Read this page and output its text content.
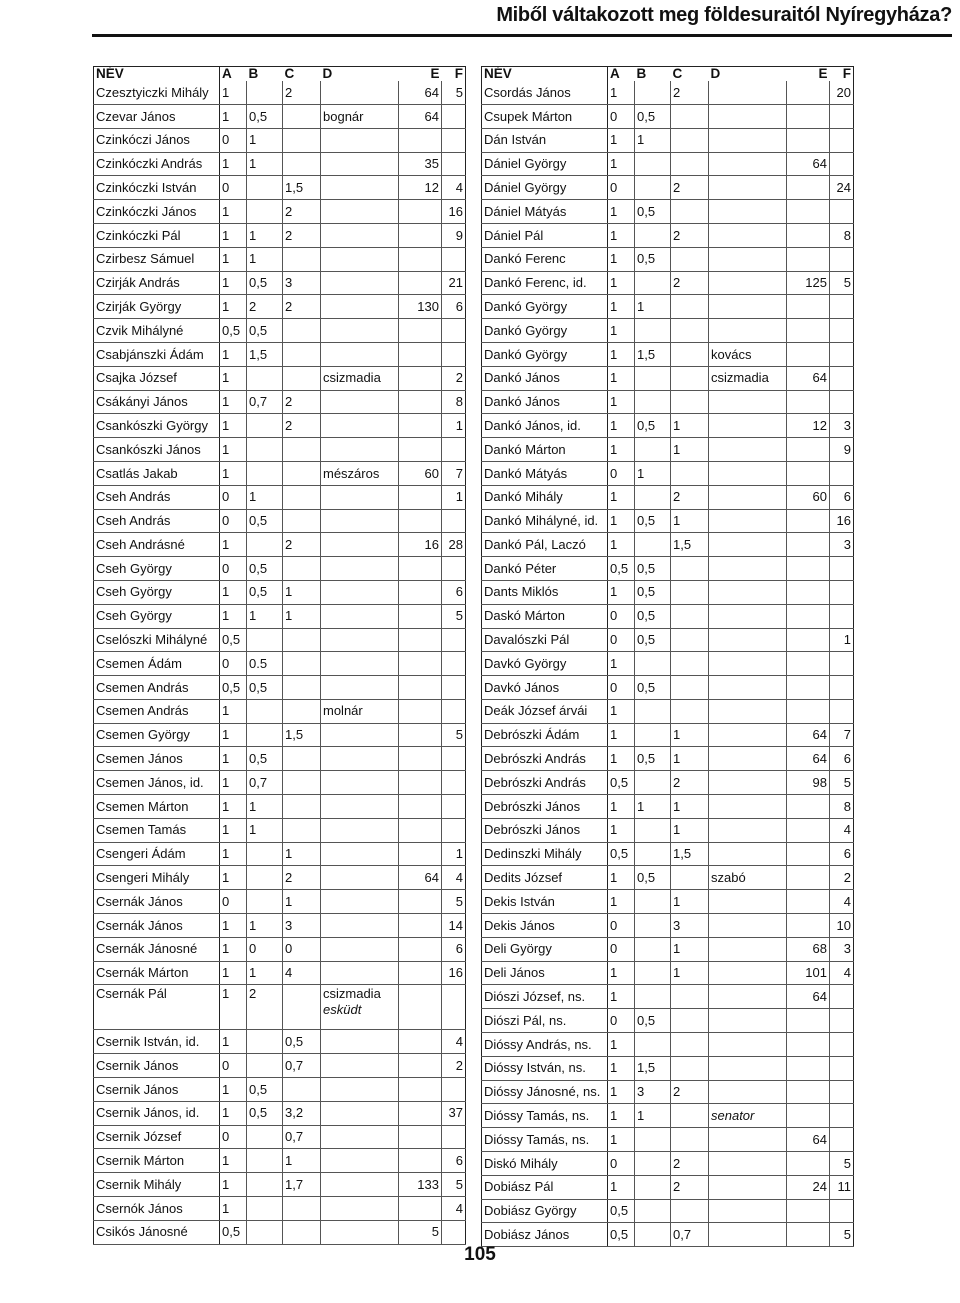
Miből váltakozott meg földesuraitól Nyíregyháza?
NÉV	A	B	C	D	E	F
Czesztyiczki Mihály	1		2		64	5
Czevar János	1	0,5		bognár	64	
Czinkóczi János	0	1				
Czinkóczki András	1	1			35	
Czinkóczki István	0		1,5		12	4
Czinkóczki János	1		2			16
Czinkóczki Pál	1	1	2			9
Czirbesz Sámuel	1	1				
Czirják András	1	0,5	3			21
Czirják György	1	2	2		130	6
Czvik Mihályné	0,5	0,5				
Csabjánszki Ádám	1	1,5				
Csajka József	1			csizmadia		2
Csákányi János	1	0,7	2			8
Csankószki György	1		2			1
Csankószki János	1					
Csatlás Jakab	1			mészáros	60	7
Cseh András	0	1				1
Cseh András	0	0,5				
Cseh Andrásné	1		2		16	28
Cseh György	0	0,5				
Cseh György	1	0,5	1			6
Cseh György	1	1	1			5
Cselószki Mihályné	0,5					
Csemen Ádám	0	0.5				
Csemen András	0,5	0,5				
Csemen András	1			molnár		
Csemen György	1		1,5			5
Csemen János	1	0,5				
Csemen János, id.	1	0,7				
Csemen Márton	1	1				
Csemen Tamás	1	1				
Csengeri Ádám	1		1			1
Csengeri Mihály	1		2		64	4
Csernák János	0		1			5
Csernák János	1	1	3			14
Csernák Jánosné	1	0	0			6
Csernák Márton	1	1	4			16
Csernák Pál	1	2		csizmadia
esküdt		

Csernik István, id.	1		0,5			4
Csernik János	0		0,7			2
Csernik János	1	0,5				
Csernik János, id.	1	0,5	3,2			37
Csernik József	0		0,7			
Csernik Márton	1		1			6
Csernik Mihály	1		1,7		133	5
Csernók János	1					4
Csikós Jánosné	0,5				5	
NÉV	A	B	C	D	E	F
Csordás János	1		2			20
Csupek Márton	0	0,5				
Dán István	1	1				
Dániel György	1				64	
Dániel György	0		2			24
Dániel Mátyás	1	0,5				
Dániel Pál	1		2			8
Dankó Ferenc	1	0,5				
Dankó Ferenc, id.	1		2		125	5
Dankó György	1	1				
Dankó György	1					
Dankó György	1	1,5		kovács		
Dankó János	1			csizmadia	64	
Dankó János	1					
Dankó János, id.	1	0,5	1		12	3
Dankó Márton	1		1			9
Dankó Mátyás	0	1				
Dankó Mihály	1		2		60	6
Dankó Mihályné, id.	1	0,5	1			16
Dankó Pál, Laczó	1		1,5			3
Dankó Péter	0,5	0,5				
Dants Miklós	1	0,5				
Daskó Márton	0	0,5				
Davalószki Pál	0	0,5				1
Davkó György	1					
Davkó János	0	0,5				
Deák József árvái	1					
Debrószki Ádám	1		1		64	7
Debrószki András	1	0,5	1		64	6
Debrószki András	0,5		2		98	5
Debrószki János	1	1	1			8
Debrószki János	1		1			4
Dedinszki Mihály	0,5		1,5			6
Dedits József	1	0,5		szabó		2
Dekis István	1		1			4
Dekis János	0		3			10
Deli György	0		1		68	3
Deli János	1		1		101	4
Diószi József, ns.	1				64	
Diószi Pál, ns.	0	0,5				
Dióssy András, ns.	1					
Dióssy István, ns.	1	1,5				
Dióssy Jánosné, ns.	1	3	2			
Dióssy Tamás, ns.	1	1		senator		
Dióssy Tamás, ns.	1				64	
Diskó Mihály	0		2			5
Dobiász Pál	1		2		24	11
Dobiász György	0,5					
Dobiász János	0,5		0,7			5
105
